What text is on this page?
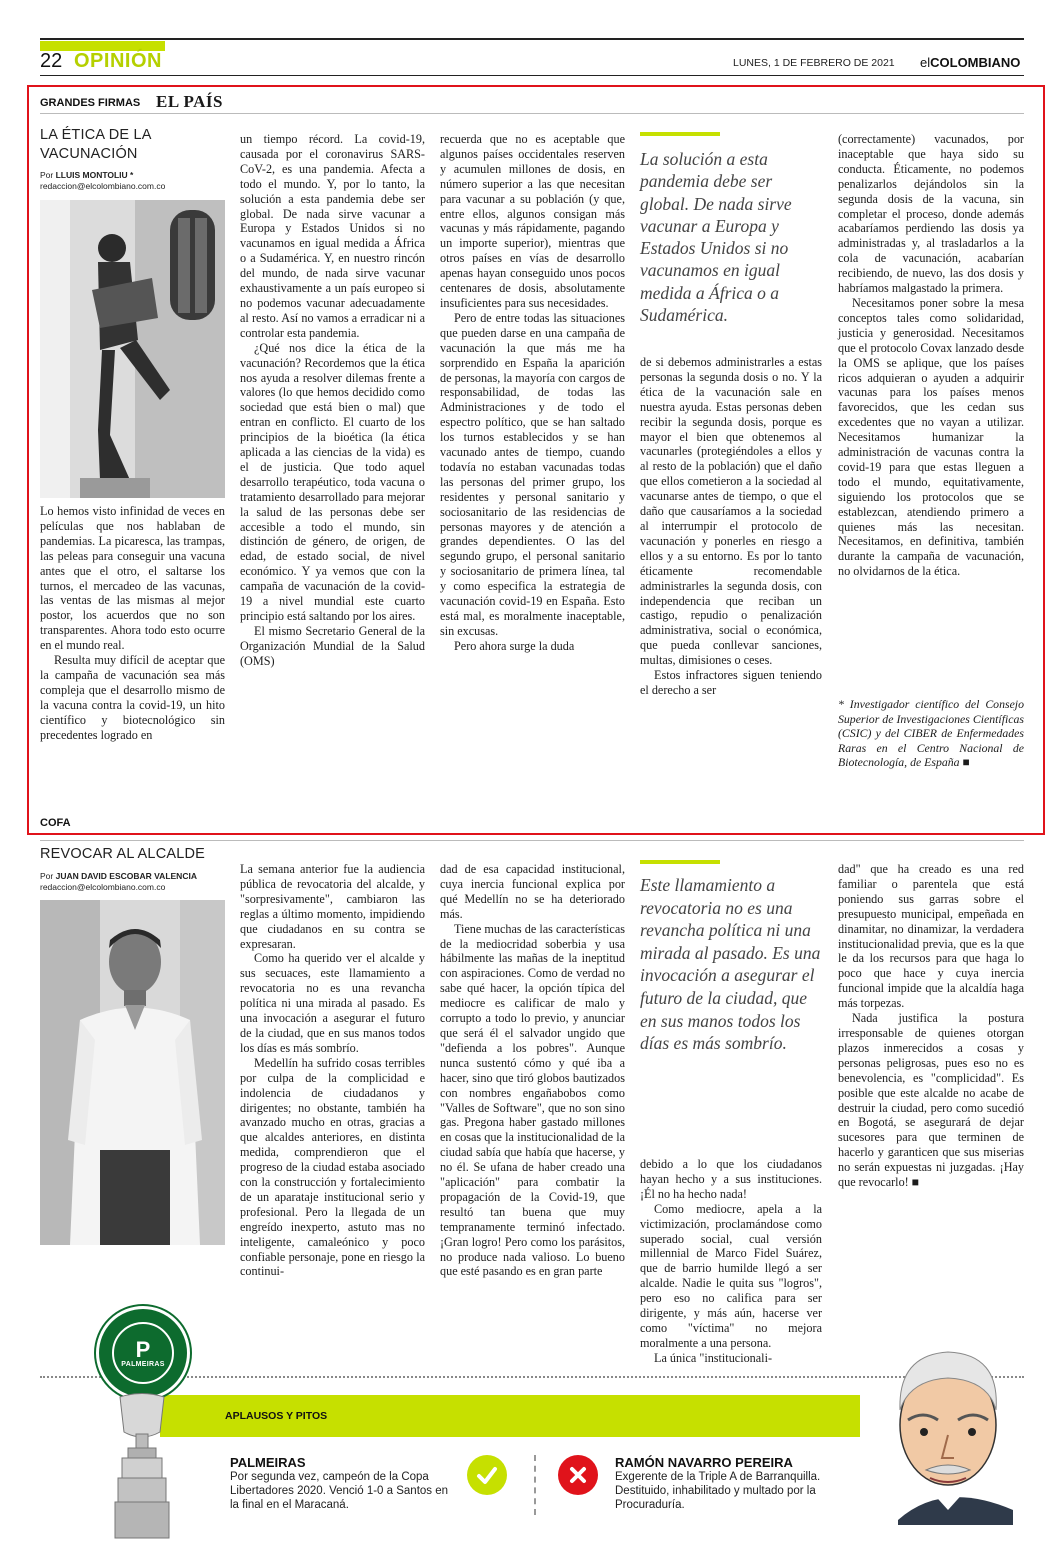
22 OPINIÓN	LUNES, 1 DE FEBRERO DE 2021 elCOLOMBIANO
GRANDES FIRMAS EL PAÍS
LA ÉTICA DE LA
VACUNACIÓN
Por LLUIS MONTOLIU *
redaccion@elcolombiano.com.co

Lo hemos visto infinidad de veces en películas que nos hablaban de pandemias. La picaresca, las trampas, las peleas para conseguir una vacuna antes que el otro, el saltarse los turnos, el mercadeo de las vacunas, las ventas de las mismas al mejor postor, los acuerdos que no son transparentes. Ahora todo esto ocurre en el mundo real.

Resulta muy difícil de aceptar que la campaña de vacunación sea más compleja que el desarrollo mismo de la vacuna contra la covid-19, un hito científico y biotecnológico sin precedentes logrado en

un tiempo récord. La covid-19, causada por el coronavirus SARS-CoV-2, es una pandemia. Afecta a todo el mundo. Y, por lo tanto, la solución a esta pandemia debe ser global. De nada sirve vacunar a Europa y Estados Unidos si no vacunamos en igual medida a África o a Sudamérica. Y, en nuestro rincón del mundo, de nada sirve vacunar exhaustivamente a un país europeo si no podemos vacunar adecuadamente al resto. Así no vamos a erradicar ni a controlar esta pandemia.

¿Qué nos dice la ética de la vacunación? Recordemos que la ética nos ayuda a resolver dilemas frente a valores (lo que hemos decidido como sociedad que está bien o mal) que entran en conflicto. El cuarto de los principios de la bioética (la ética aplicada a las ciencias de la vida) es el de justicia. Que todo aquel desarrollo terapéutico, toda vacuna o tratamiento desarrollado para mejorar la salud de las personas debe ser accesible a todo el mundo, sin distinción de género, de origen, de edad, de estado social, de nivel económico. Y ya vemos que con la campaña de vacunación de la covid-19 a nivel mundial este cuarto principio está saltando por los aires.

El mismo Secretario General de la Organización Mundial de la Salud (OMS)

recuerda que no es aceptable que algunos países occidentales reserven y acumulen millones de dosis, en número superior a las que necesitan para vacunar a su población (y que, entre ellos, algunos consigan más vacunas y más rápidamente, pagando un importe superior), mientras que otros países en vías de desarrollo apenas hayan conseguido unos pocos centenares de dosis, absolutamente insuficientes para sus necesidades.

Pero de entre todas las situaciones que pueden darse en una campaña de vacunación la que más me ha sorprendido en España la aparición de personas, la mayoría con cargos de responsabilidad, de todas las Administraciones y de todo el espectro político, que se han saltado los turnos establecidos y se han vacunado antes de tiempo, cuando todavía no estaban vacunadas todas las personas del primer grupo, los residentes y personal sanitario y sociosanitario de las residencias de personas mayores y de atención a grandes dependientes. O las del segundo grupo, el personal sanitario y sociosanitario de primera línea, tal y como especifica la estrategia de vacunación covid-19 en España. Esto está mal, es moralmente inaceptable, sin excusas.

Pero ahora surge la duda

La solución a esta pandemia debe ser global. De nada sirve vacunar a Europa y Estados Unidos si no vacunamos en igual medida a África o a Sudamérica.

de si debemos administrarles a estas personas la segunda dosis o no. Y la ética de la vacunación sale en nuestra ayuda. Estas personas deben recibir la segunda dosis, porque es mayor el bien que obtenemos al vacunarles (protegiéndoles a ellos y al resto de la población) que el daño que ellos cometieron a la sociedad al vacunarse antes de tiempo, o que el daño que causaríamos a la sociedad al interrumpir el protocolo de vacunación y ponerles en riesgo a ellos y a su entorno. Es por lo tanto éticamente recomendable administrarles la segunda dosis, con independencia que reciban un castigo, repudio o penalización administrativa, social o económica, que pueda conllevar sanciones, multas, dimisiones o ceses.

Estos infractores siguen teniendo el derecho a ser

(correctamente) vacunados, por inaceptable que haya sido su conducta. Éticamente, no podemos penalizarlos dejándolos sin la segunda dosis de la vacuna, sin completar el proceso, donde además acabaríamos perdiendo las dosis ya administradas y, al trasladarlos a la cola de vacunación, acabarían recibiendo, de nuevo, las dos dosis y habríamos malgastado la primera.

Necesitamos poner sobre la mesa conceptos tales como solidaridad, justicia y generosidad. Necesitamos que el protocolo Covax lanzado desde la OMS se aplique, que los países ricos adquieran o ayuden a adquirir vacunas para los países menos favorecidos, que les cedan sus excedentes que no vayan a utilizar. Necesitamos humanizar la administración de vacunas contra la covid-19 para que estas lleguen a todo el mundo, equitativamente, siguiendo los protocolos que se establezcan, atendiendo primero a quienes más las necesitan. Necesitamos, en definitiva, también durante la campaña de vacunación, no olvidarnos de la ética.

* Investigador científico del Consejo Superior de Investigaciones Científicas (CSIC) y del CIBER de Enfermedades Raras en el Centro Nacional de Biotecnología, de España ■
COFA
REVOCAR AL ALCALDE
Por JUAN DAVID ESCOBAR VALENCIA
redaccion@elcolombiano.com.co

La semana anterior fue la audiencia pública de revocatoria del alcalde, y "sorpresivamente", cambiaron las reglas a último momento, impidiendo que ciudadanos en su contra se expresaran.

Como ha querido ver el alcalde y sus secuaces, este llamamiento a revocatoria no es una revancha política ni una mirada al pasado. Es una invocación a asegurar el futuro de la ciudad, que en sus manos todos los días es más sombrío.

Medellín ha sufrido cosas terribles por culpa de la complicidad e indolencia de ciudadanos y dirigentes; no obstante, también ha avanzado mucho en otras, gracias a que alcaldes anteriores, en distinta medida, comprendieron que el progreso de la ciudad estaba asociado con la construcción y fortalecimiento de un aparataje institucional serio y profesional. Pero la llegada de un engreído inexperto, astuto mas no inteligente, camaleónico y poco confiable personaje, pone en riesgo la continui-

dad de esa capacidad institucional, cuya inercia funcional explica por qué Medellín no se ha deteriorado más.

Tiene muchas de las características de la mediocridad soberbia y usa hábilmente las mañas de la ineptitud con aspiraciones. Como de verdad no sabe qué hacer, la opción típica del mediocre es calificar de malo y corrupto a todo lo previo, y anunciar que será él el salvador ungido que "defienda a los pobres". Aunque nunca sustentó cómo y qué iba a hacer, sino que tiró globos bautizados con nombres engañabobos como "Valles de Software", que no son sino gas. Pregona haber gastado millones en cosas que la institucionalidad de la ciudad sabía que había que hacerse, y no él. Se ufana de haber creado una "aplicación" para combatir la propagación de la Covid-19, que resultó tan buena que muy tempranamente terminó infectado. ¡Gran logro! Pero como los parásitos, no produce nada valioso. Lo bueno que esté pasando es en gran parte

Este llamamiento a revocatoria no es una revancha política ni una mirada al pasado. Es una invocación a asegurar el futuro de la ciudad, que en sus manos todos los días es más sombrío.

debido a lo que los ciudadanos hayan hecho y a sus instituciones. ¡Él no ha hecho nada!

Como mediocre, apela a la victimización, proclamándose como superado social, cual versión millennial de Marco Fidel Suárez, que de barrio humilde llegó a ser alcalde. Nadie le quita sus "logros", pero eso no califica para ser dirigente, y más aún, hacerse ver como "víctima" no mejora moralmente a una persona.

La única "institucionali-

dad" que ha creado es una red familiar o parentela que está poniendo sus garras sobre el presupuesto municipal, empeñada en dinamitar, no dinamizar, la verdadera institucionalidad previa, que es la que le da los recursos para que haga lo poco que hace y cuya inercia funcional impide que la alcaldía haga más torpezas.

Nada justifica la postura irresponsable de quienes otorgan plazos inmerecidos a cosas y personas peligrosas, pues eso no es benevolencia, es "complicidad". Es posible que este alcalde no acabe de destruir la ciudad, pero como sucedió en Bogotá, se asegurará de dejar sucesores para que terminen de hacerlo y garanticen que sus miserias no serán expuestas ni juzgadas. ¡Hay que revocarlo! ■

APLAUSOS Y PITOS
P
PALMEIRAS
PALMEIRAS
Por segunda vez, campeón de la Copa Libertadores 2020. Venció 1-0 a Santos en la final en el Maracaná.
RAMÓN NAVARRO PEREIRA
Exgerente de la Triple A de Barranquilla. Destituido, inhabilitado y multado por la Procuraduría.
